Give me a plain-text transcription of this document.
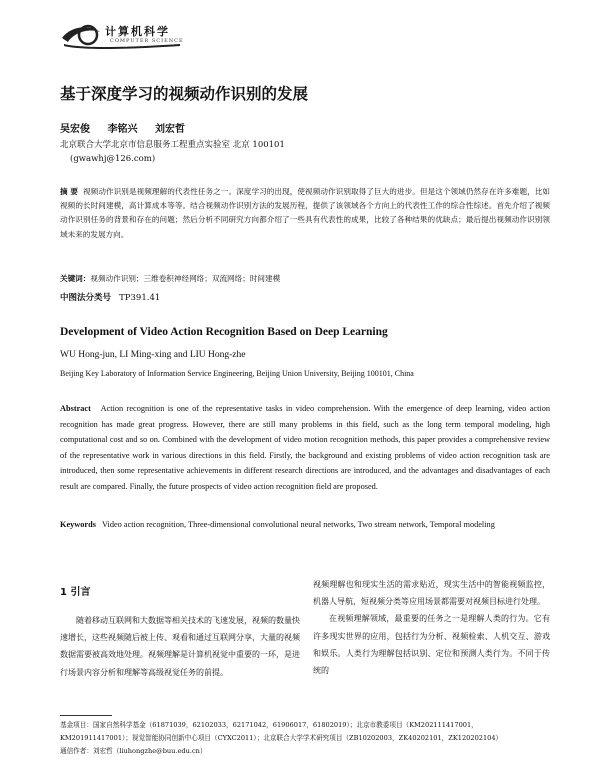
计算机科学
COMPUTER SCIENCE
基于深度学习的视频动作识别的发展
吴宏俊 李铭兴 刘宏哲
北京联合大学北京市信息服务工程重点实验室 北京 100101
(gwawhj@126.com)
摘 要 视频动作识别是视频理解的代表性任务之一。深度学习的出现，使视频动作识别取得了巨大的进步。但是这个领域仍然存在许多难题，比如视频的长时间建模，高计算成本等等。结合视频动作识别方法的发展历程，提供了该领域各个方向上的代表性工作的综合性综述。首先介绍了视频动作识别任务的背景和存在的问题；然后分析不同研究方向都介绍了一些具有代表性的成果，比较了各种结果的优缺点；最后提出视频动作识别领域未来的发展方向。
关键词：视频动作识别；三维卷积神经网络；双流网络；时间建模
中图法分类号 TP391.41
Development of Video Action Recognition Based on Deep Learning
WU Hong-jun, LI Ming-xing and LIU Hong-zhe
Beijing Key Laboratory of Information Service Engineering, Beijing Union University, Beijing 100101, China
Abstract Action recognition is one of the representative tasks in video comprehension. With the emergence of deep learning, video action recognition has made great progress. However, there are still many problems in this field, such as the long term temporal modeling, high computational cost and so on. Combined with the development of video motion recognition methods, this paper provides a comprehensive review of the representative work in various directions in this field. Firstly, the background and existing problems of video action recognition task are introduced, then some representative achievements in different research directions are introduced, and the advantages and disadvantages of each result are compared. Finally, the future prospects of video action recognition field are proposed.
Keywords Video action recognition, Three-dimensional convolutional neural networks, Two stream network, Temporal modeling
1 引言

随着移动互联网和大数据等相关技术的飞速发展，视频的数量快速增长，这些视频随后被上传、观看和通过互联网分享，大量的视频数据需要被高效地处理。视频理解是计算机视觉中重要的一环，是进行场景内容分析和理解等高级视觉任务的前提。

视频理解也和现实生活的需求贴近，现实生活中的智能视频监控，机器人导航，短视频分类等应用场景都需要对视频目标进行处理。

在视频理解领域，最重要的任务之一是理解人类的行为。它有许多现实世界的应用，包括行为分析、视频检索、人机交互、游戏和娱乐。人类行为理解包括识别、定位和预测人类行为。不同于传统的

基金项目：国家自然科学基金（61871039，62102033，62171042，61906017，61802019）；北京市教委项目（KM202111417001，
KM201911417001）；视觉智能协同创新中心项目（CYXC2011）；北京联合大学学术研究项目（ZB10202003，ZK40202101，ZK120202104）
通信作者：刘宏哲（liuhongzhe@buu.edu.cn）
